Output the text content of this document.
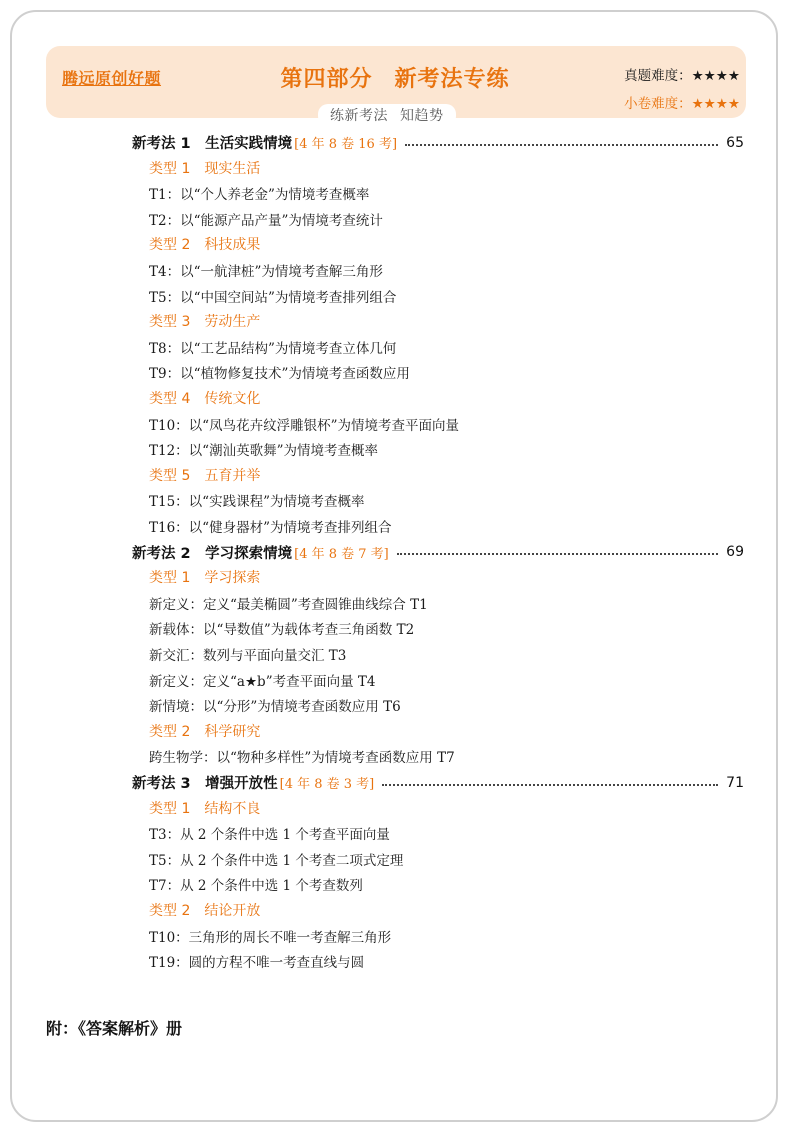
腾远原创好题	第四部分 新考法专练	真题难度：★★★★
小卷难度：★★★★
练新考法 知趋势
新考法 1　生活实践情境 [4 年 8 卷 16 考]	65
类型 1　现实生活
T1：以“个人养老金”为情境考查概率
T2：以“能源产品产量”为情境考查统计
类型 2　科技成果
T4：以“一航津桩”为情境考查解三角形
T5：以“中国空间站”为情境考查排列组合
类型 3　劳动生产
T8：以“工艺品结构”为情境考查立体几何
T9：以“植物修复技术”为情境考查函数应用
类型 4　传统文化
T10：以“凤鸟花卉纹浮雕银杯”为情境考查平面向量
T12：以“潮汕英歌舞”为情境考查概率
类型 5　五育并举
T15：以“实践课程”为情境考查概率
T16：以“健身器材”为情境考查排列组合
新考法 2　学习探索情境 [4 年 8 卷 7 考]	69
类型 1　学习探索
新定义：定义“最美椭圆”考查圆锥曲线综合 T1
新载体：以“导数值”为载体考查三角函数 T2
新交汇：数列与平面向量交汇 T3
新定义：定义“a★b”考查平面向量 T4
新情境：以“分形”为情境考查函数应用 T6
类型 2　科学研究
跨生物学：以“物种多样性”为情境考查函数应用 T7
新考法 3　增强开放性 [4 年 8 卷 3 考]	71
类型 1　结构不良
T3：从 2 个条件中选 1 个考查平面向量
T5：从 2 个条件中选 1 个考查二项式定理
T7：从 2 个条件中选 1 个考查数列
类型 2　结论开放
T10：三角形的周长不唯一考查解三角形
T19：圆的方程不唯一考查直线与圆
附：《答案解析》册
